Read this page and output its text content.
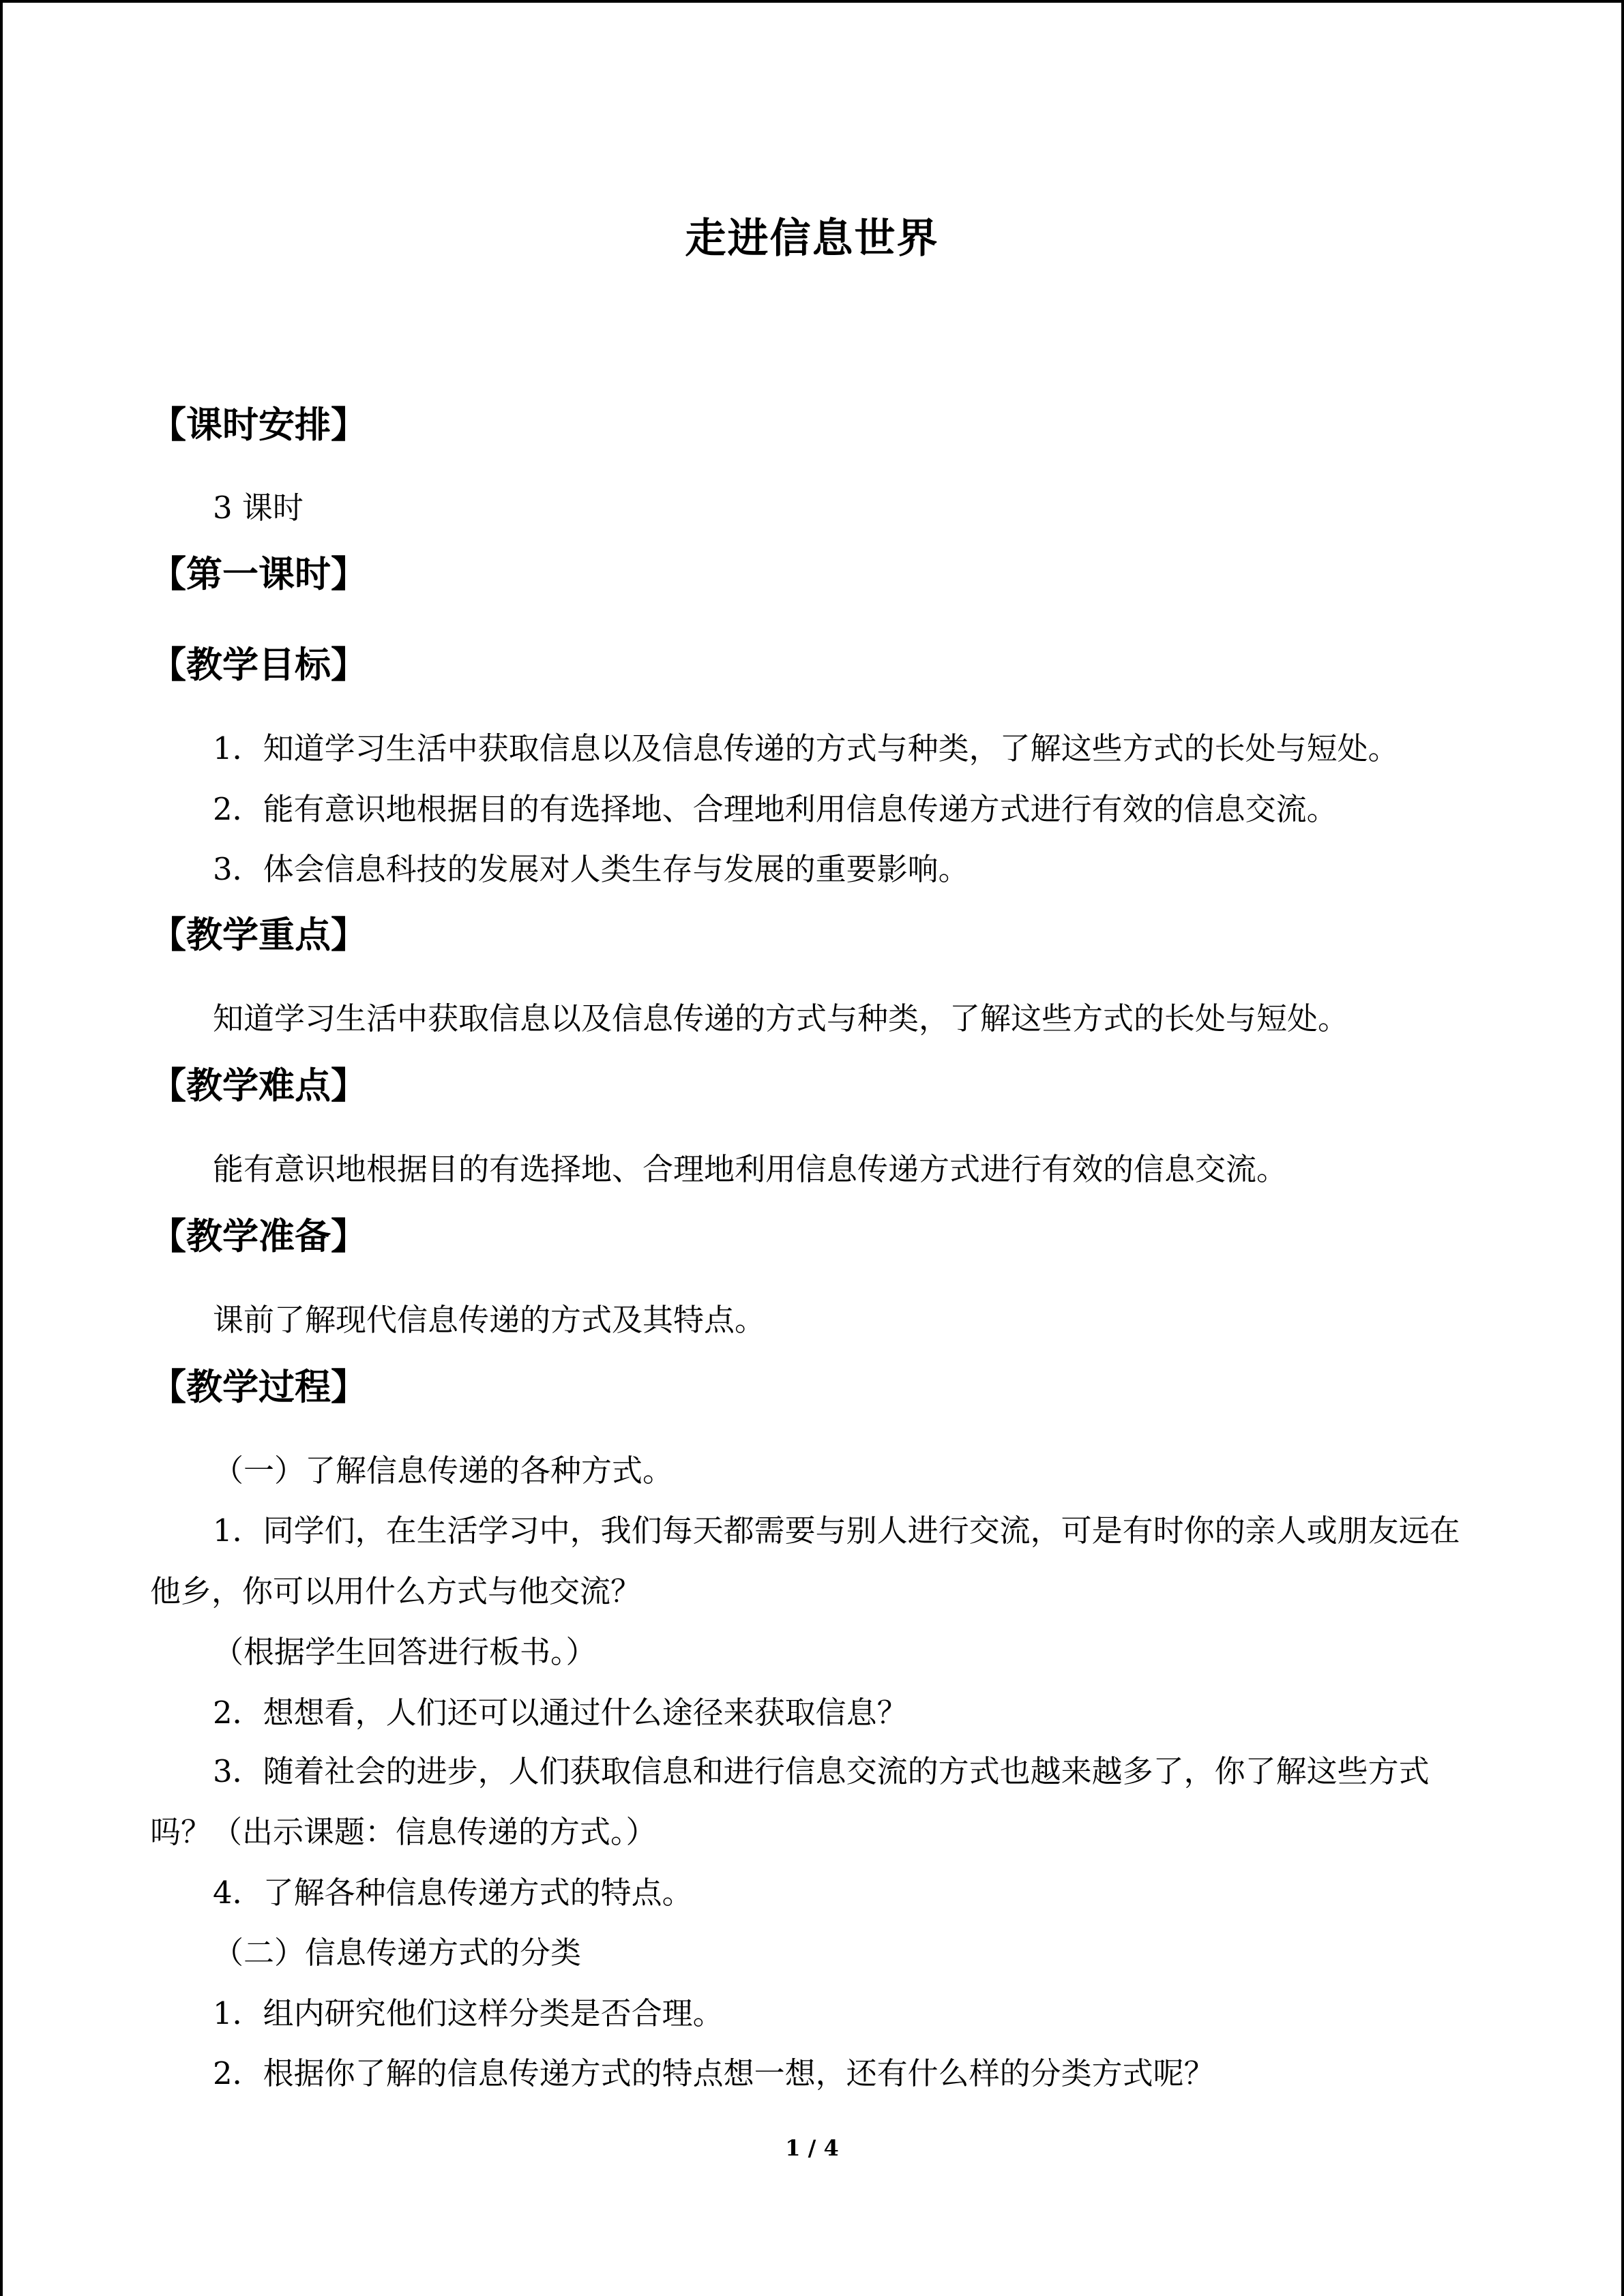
走进信息世界
【课时安排】
3 课时
【第一课时】
【教学目标】
1．知道学习生活中获取信息以及信息传递的方式与种类，了解这些方式的长处与短处。
2．能有意识地根据目的有选择地、合理地利用信息传递方式进行有效的信息交流。
3．体会信息科技的发展对人类生存与发展的重要影响。
【教学重点】
知道学习生活中获取信息以及信息传递的方式与种类，了解这些方式的长处与短处。
【教学难点】
能有意识地根据目的有选择地、合理地利用信息传递方式进行有效的信息交流。
【教学准备】
课前了解现代信息传递的方式及其特点。
【教学过程】
（一）了解信息传递的各种方式。
1．同学们，在生活学习中，我们每天都需要与别人进行交流，可是有时你的亲人或朋友远在他乡，你可以用什么方式与他交流？
（根据学生回答进行板书。）
2．想想看，人们还可以通过什么途径来获取信息？
3．随着社会的进步，人们获取信息和进行信息交流的方式也越来越多了，你了解这些方式吗？（出示课题：信息传递的方式。）
4．了解各种信息传递方式的特点。
（二）信息传递方式的分类
1．组内研究他们这样分类是否合理。
2．根据你了解的信息传递方式的特点想一想，还有什么样的分类方式呢？
1 / 4
